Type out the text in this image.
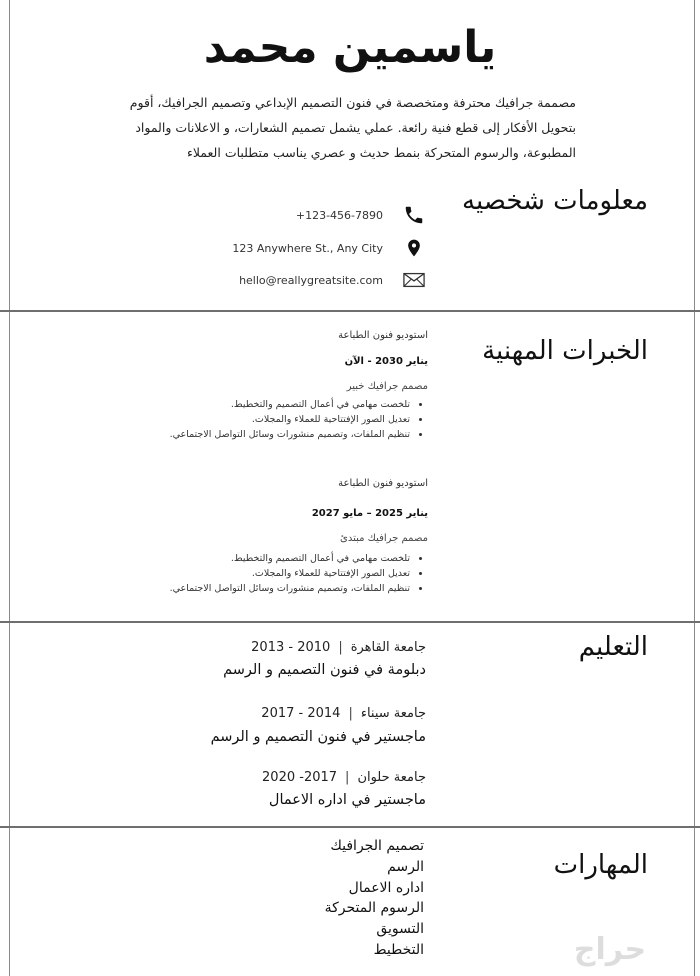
ياسمين محمد
مصممة جرافيك محترفة ومتخصصة في فنون التصميم الإبداعي وتصميم الجرافيك، أقوم بتحويل الأفكار إلى قطع فنية رائعة. عملي يشمل تصميم الشعارات، و الاعلانات والمواد المطبوعة، والرسوم المتحركة بنمط حديث و عصري يناسب متطلبات العملاء
معلومات شخصيه
+123-456-7890
123 Anywhere St., Any City
hello@reallygreatsite.com
الخبرات المهنية
استوديو فنون الطباعة
يناير 2030 - الآن
مصمم جرافيك خبير
• تلخصت مهامي في أعمال التصميم والتخطيط.
• تعديل الصور الإفتتاحية للعملاء والمجلات.
• تنظيم الملفات، وتصميم منشورات وسائل التواصل الاجتماعي.
استوديو فنون الطباعة
يناير 2025 – مايو 2027
مصمم جرافيك مبتدئ
• تلخصت مهامي في أعمال التصميم والتخطيط.
• تعديل الصور الإفتتاحية للعملاء والمجلات.
• تنظيم الملفات، وتصميم منشورات وسائل التواصل الاجتماعي.
التعليم
جامعة القاهرة|2010 - 2013
دبلومة في فنون التصميم و الرسم
جامعة سيناء|2014 - 2017
ماجستير في فنون التصميم و الرسم
جامعة حلوان|2017- 2020
ماجستير في اداره الاعمال
المهارات
تصميم الجرافيك
الرسم
اداره الاعمال
الرسوم المتحركة
التسويق
التخطيط	حراج
